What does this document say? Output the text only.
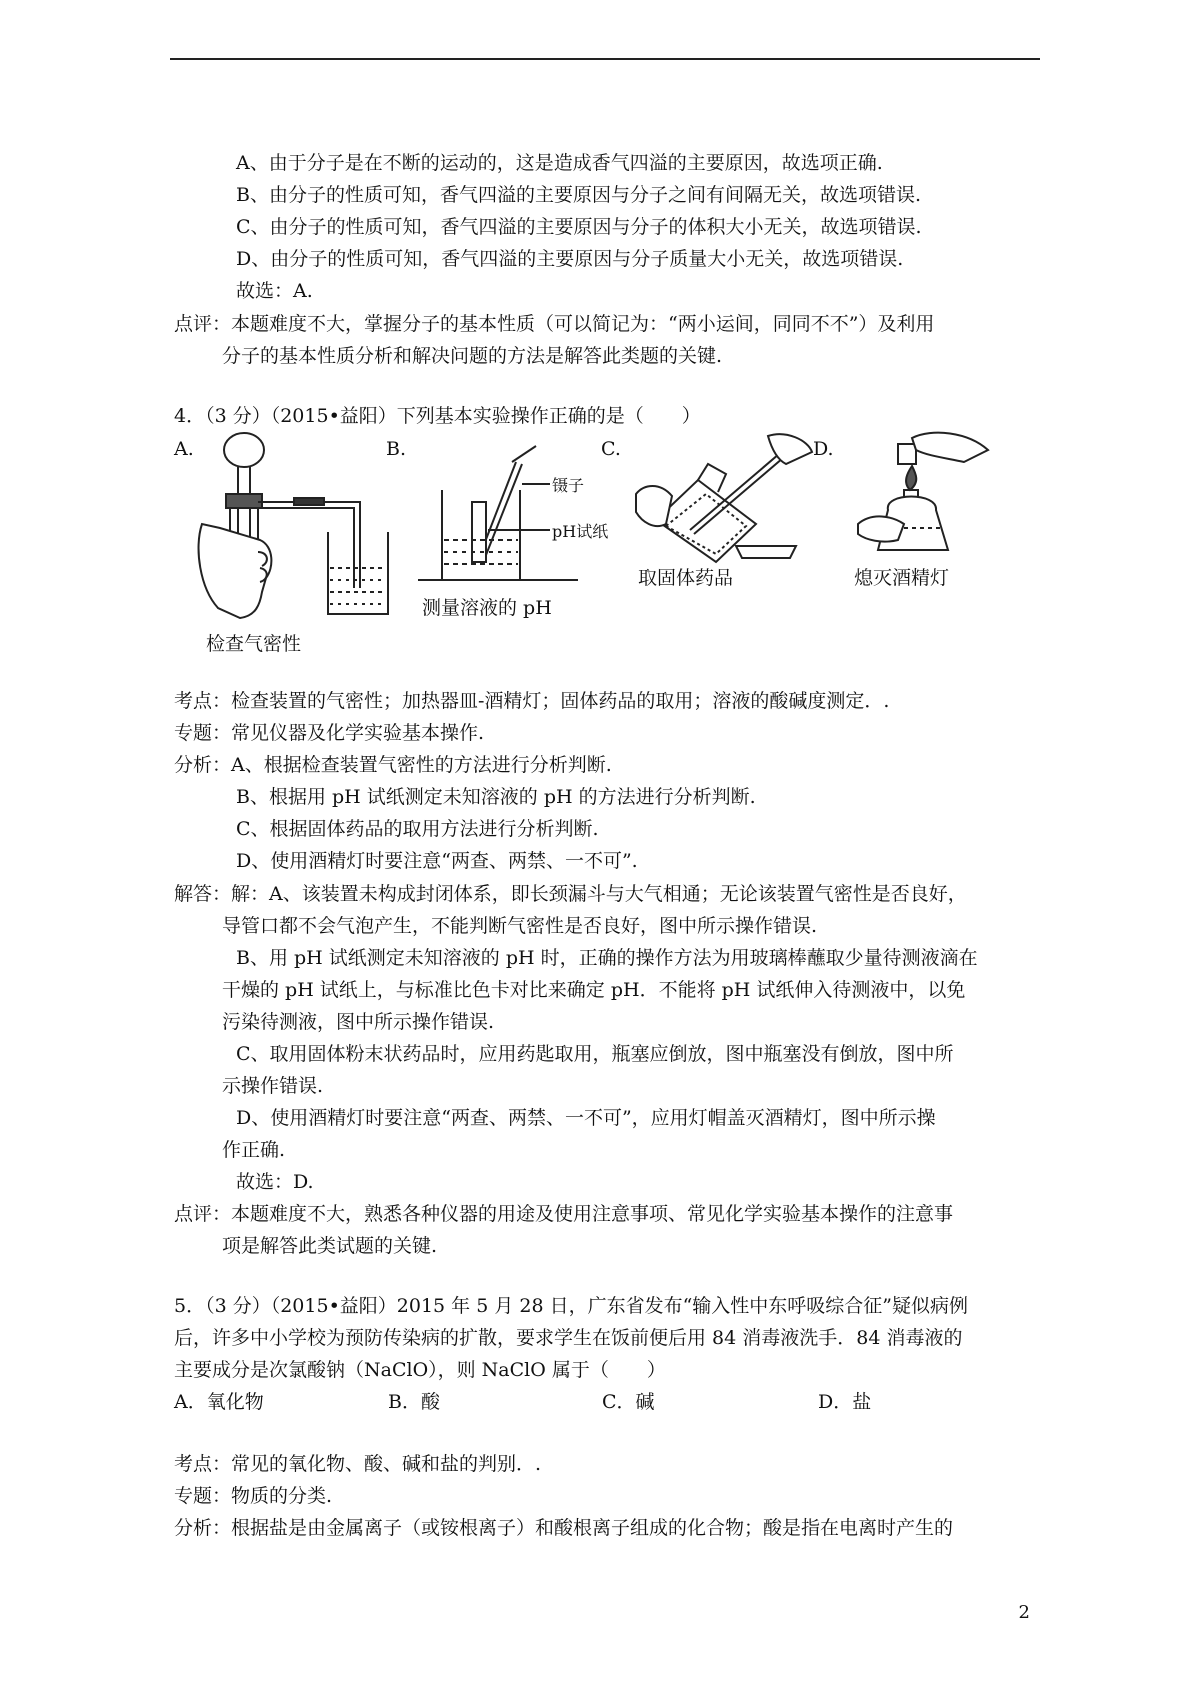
A、由于分子是在不断的运动的，这是造成香气四溢的主要原因，故选项正确.
B、由分子的性质可知，香气四溢的主要原因与分子之间有间隔无关，故选项错误.
C、由分子的性质可知，香气四溢的主要原因与分子的体积大小无关，故选项错误.
D、由分子的性质可知，香气四溢的主要原因与分子质量大小无关，故选项错误.
故选：A.
点评：本题难度不大，掌握分子的基本性质（可以简记为：“两小运间，同同不不”）及利用
分子的基本性质分析和解决问题的方法是解答此类题的关键.
4．（3 分）（2015•益阳）下列基本实验操作正确的是（　　）
A.	B.	C.	D.
检查气密性
镊子
pH试纸
测量溶液的 pH
取固体药品	熄灭酒精灯
考点：检查装置的气密性；加热器皿-酒精灯；固体药品的取用；溶液的酸碱度测定．.
专题：常见仪器及化学实验基本操作.
分析：A、根据检查装置气密性的方法进行分析判断.
B、根据用 pH 试纸测定未知溶液的 pH 的方法进行分析判断.
C、根据固体药品的取用方法进行分析判断.
D、使用酒精灯时要注意“两查、两禁、一不可”.
解答：解：A、该装置未构成封闭体系，即长颈漏斗与大气相通；无论该装置气密性是否良好，
导管口都不会气泡产生，不能判断气密性是否良好，图中所示操作错误.
B、用 pH 试纸测定未知溶液的 pH 时，正确的操作方法为用玻璃棒蘸取少量待测液滴在
干燥的 pH 试纸上，与标准比色卡对比来确定 pH．不能将 pH 试纸伸入待测液中，以免
污染待测液，图中所示操作错误.
C、取用固体粉末状药品时，应用药匙取用，瓶塞应倒放，图中瓶塞没有倒放，图中所
示操作错误.
D、使用酒精灯时要注意“两查、两禁、一不可”，应用灯帽盖灭酒精灯，图中所示操
作正确.
故选：D.
点评：本题难度不大，熟悉各种仪器的用途及使用注意事项、常见化学实验基本操作的注意事
项是解答此类试题的关键.
5．（3 分）（2015•益阳）2015 年 5 月 28 日，广东省发布“输入性中东呼吸综合征”疑似病例
后，许多中小学校为预防传染病的扩散，要求学生在饭前便后用 84 消毒液洗手．84 消毒液的
主要成分是次氯酸钠（NaClO），则 NaClO 属于（　　）
A．氧化物	B．酸	C．碱	D．盐
考点：常见的氧化物、酸、碱和盐的判别．.
专题：物质的分类.
分析：根据盐是由金属离子（或铵根离子）和酸根离子组成的化合物；酸是指在电离时产生的
2
